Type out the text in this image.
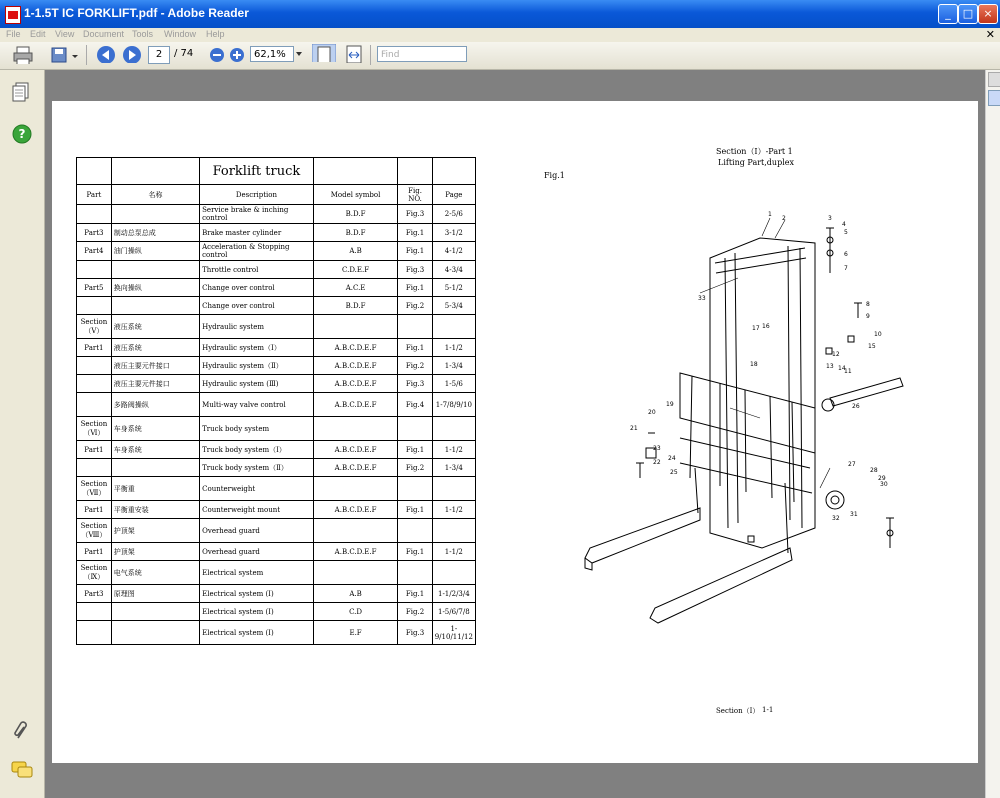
1-1.5T IC FORKLIFT.pdf - Adobe Reader	_	□ ×
File Edit View Document Tools Window Help	✕
2	/ 74	62,1%	Find
?
		Forklift truck			
Part	名称	Description	Model symbol	Fig. NO.	Page
		Service brake & inching control	B.D.F	Fig.3	2-5/6
Part3	制动总泵总成	Brake master cylinder	B.D.F	Fig.1	3-1/2
Part4	油门操纵	Acceleration & Stopping control	A.B	Fig.1	4-1/2
		Throttle control	C.D.E.F	Fig.3	4-3/4
Part5	换向操纵	Change over control	A.C.E	Fig.1	5-1/2
		Change over control	B.D.F	Fig.2	5-3/4
Section（V）	液压系统	Hydraulic system			
Part1	液压系统	Hydraulic system（Ⅰ）	A.B.C.D.E.F	Fig.1	1-1/2
	液压主要元件接口	Hydraulic system（Ⅱ）	A.B.C.D.E.F	Fig.2	1-3/4
	液压主要元件接口	Hydraulic system (Ⅲ)	A.B.C.D.E.F	Fig.3	1-5/6
	多路阀操纵	Multi-way valve control	A.B.C.D.E.F	Fig.4	1-7/8/9/10
Section（Ⅵ）	车身系统	Truck body system			
Part1	车身系统	Truck body system（Ⅰ）	A.B.C.D.E.F	Fig.1	1-1/2
		Truck body system（Ⅱ）	A.B.C.D.E.F	Fig.2	1-3/4
Section（Ⅶ）	平衡重	Counterweight			
Part1	平衡重安装	Counterweight mount	A.B.C.D.E.F	Fig.1	1-1/2
Section（Ⅷ）	护顶架	Overhead guard			
Part1	护顶架	Overhead guard	A.B.C.D.E.F	Fig.1	1-1/2
Section（Ⅸ）	电气系统	Electrical system			
Part3	原理图	Electrical system (I)	A.B	Fig.1	1-1/2/3/4
		Electrical system (I)	C.D	Fig.2	1-5/6/7/8
		Electrical system (I)	E.F	Fig.3	1-9/10/11/12
Section（Ⅰ）-Part 1
Lifting Part,duplex
Fig.1
Section（Ⅰ） 1-1
1
2	3
4
5
6
7
8
9
10
11
12
13 14
15
16
17
18
19
20
21
22
23
24
25
26
27
28
29
30
31
32
33
